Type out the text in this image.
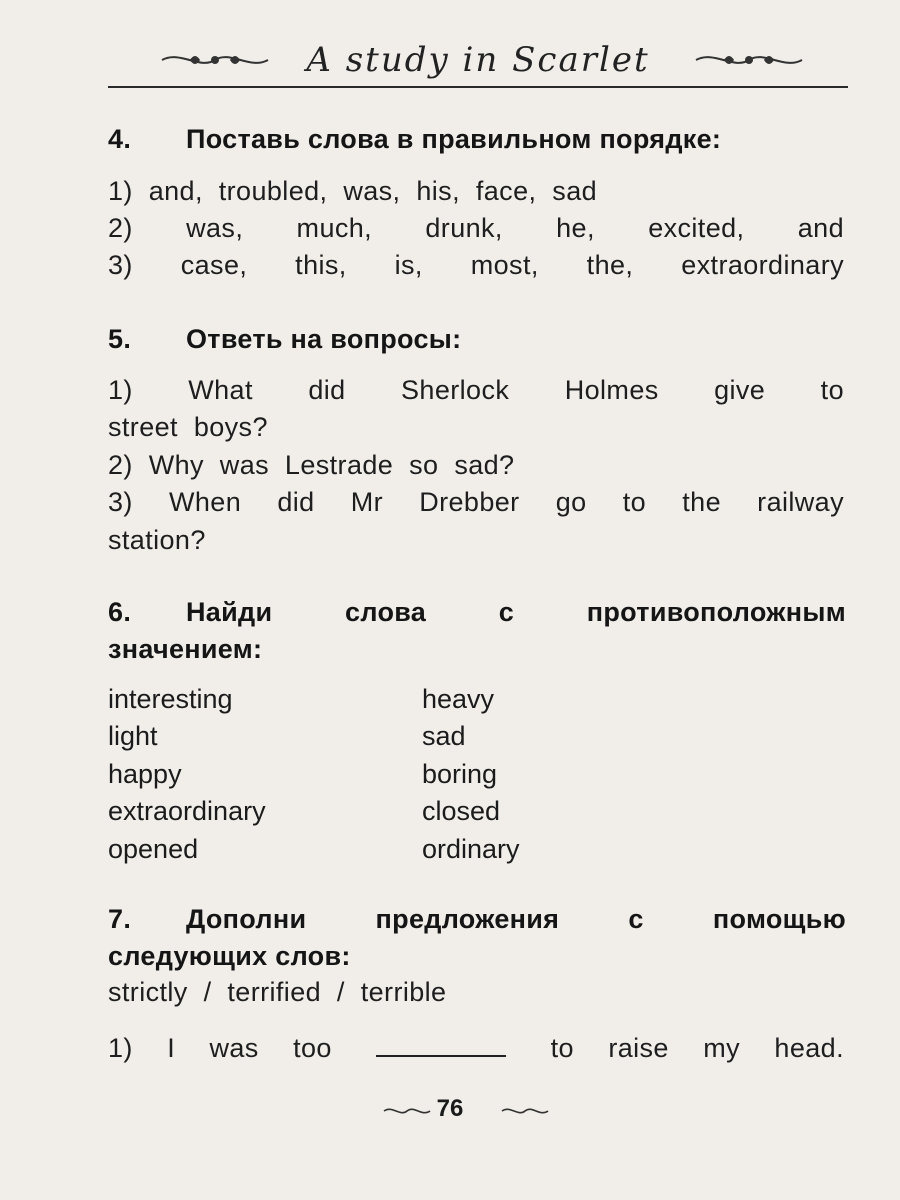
A study in Scarlet
4. Поставь слова в правильном порядке:
1) and, troubled, was, his, face, sad
2) was, much, drunk, he, excited, and
3) case, this, is, most, the, extraordinary
5. Ответь на вопросы:
1) What did Sherlock Holmes give to
street boys?
2) Why was Lestrade so sad?
3) When did Mr Drebber go to the railway
station?
6. Найди слова с противоположным
значением:
interesting
light
happy
extraordinary
opened
heavy
sad
boring
closed
ordinary
7. Дополни предложения с помощью
следующих слов:
strictly / terrified / terrible
1) I was too	to raise my head.
76
